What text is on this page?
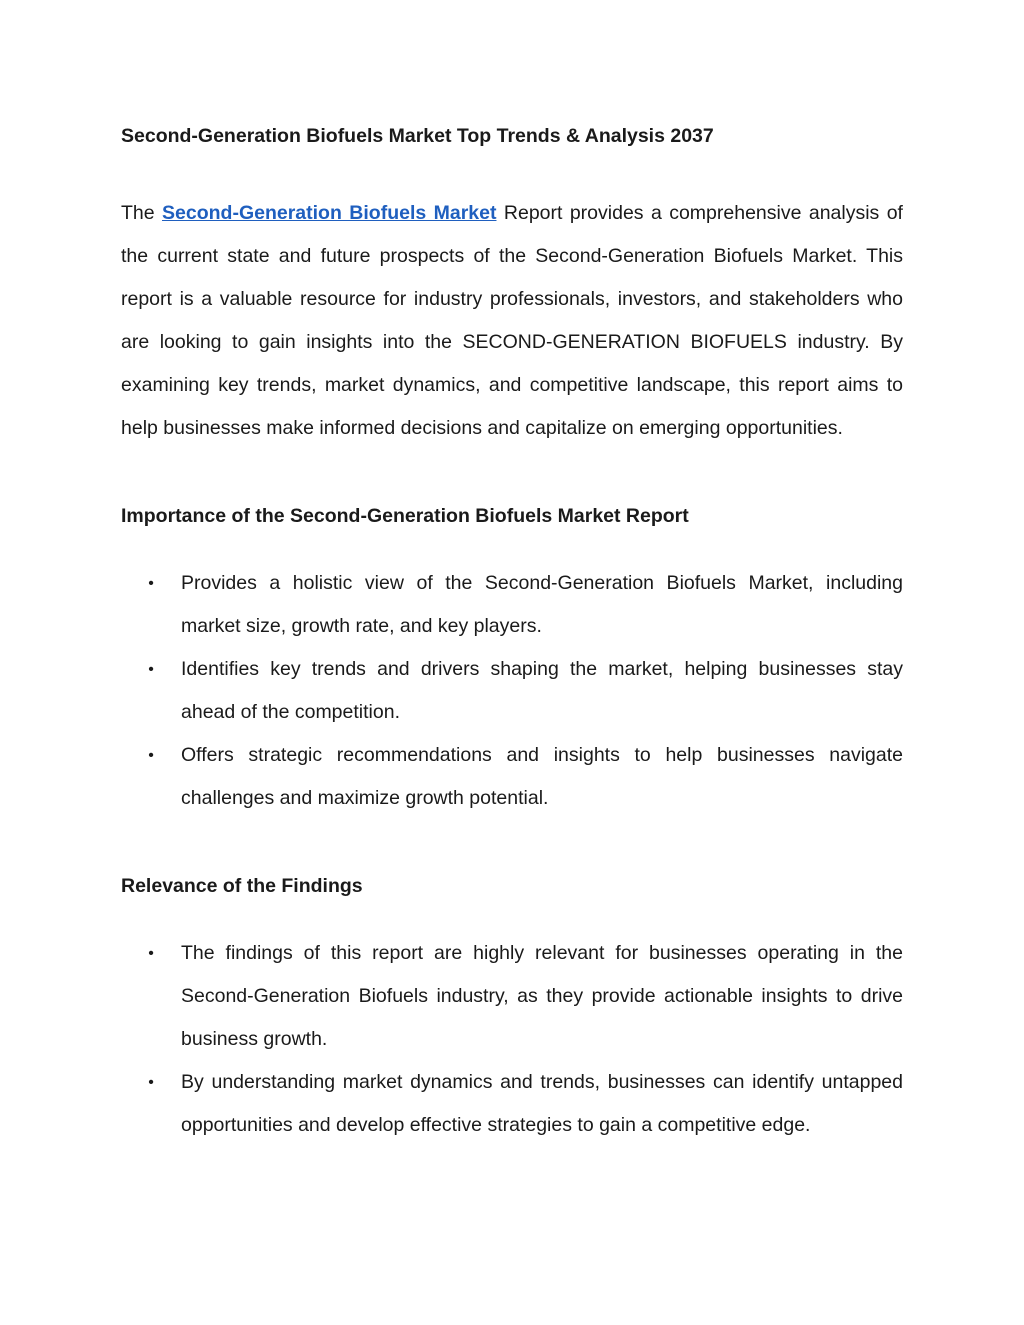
Second-Generation Biofuels Market Top Trends & Analysis 2037

The Second-Generation Biofuels Market Report provides a comprehensive analysis of the current state and future prospects of the Second-Generation Biofuels Market. This report is a valuable resource for industry professionals, investors, and stakeholders who are looking to gain insights into the SECOND-GENERATION BIOFUELS industry. By examining key trends, market dynamics, and competitive landscape, this report aims to help businesses make informed decisions and capitalize on emerging opportunities.

Importance of the Second-Generation Biofuels Market Report
• Provides a holistic view of the Second-Generation Biofuels Market, including market size, growth rate, and key players.
• Identifies key trends and drivers shaping the market, helping businesses stay ahead of the competition.
• Offers strategic recommendations and insights to help businesses navigate challenges and maximize growth potential.
Relevance of the Findings
• The findings of this report are highly relevant for businesses operating in the Second-Generation Biofuels industry, as they provide actionable insights to drive business growth.
• By understanding market dynamics and trends, businesses can identify untapped opportunities and develop effective strategies to gain a competitive edge.
